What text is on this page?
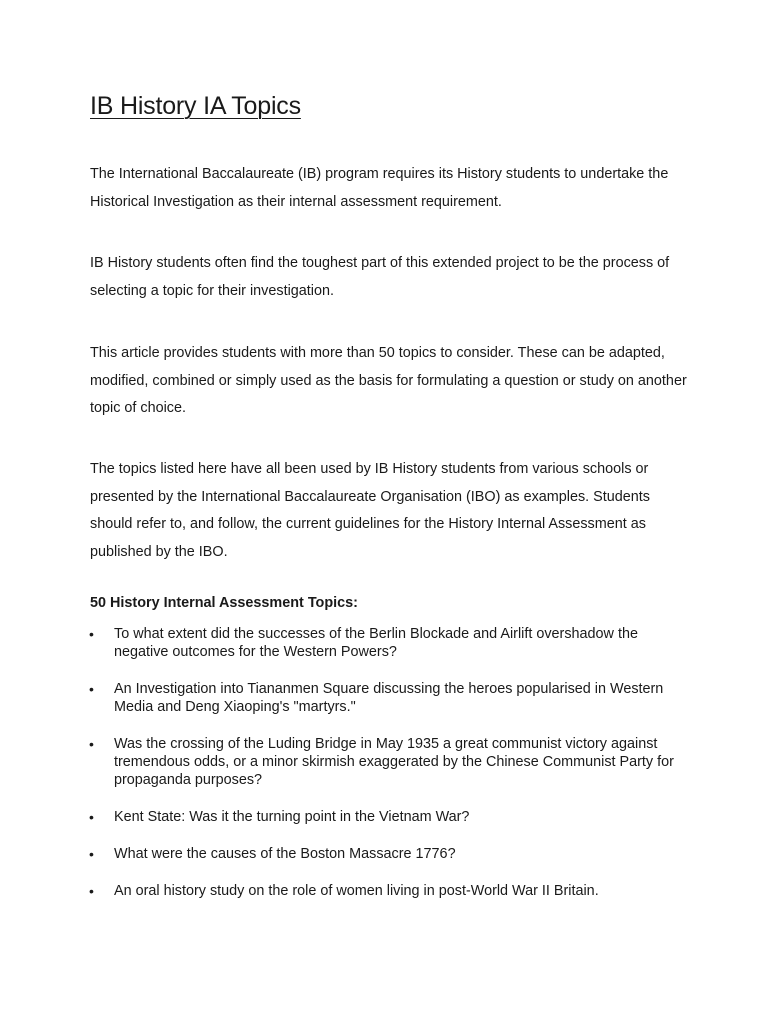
IB History IA Topics

The International Baccalaureate (IB) program requires its History students to undertake the Historical Investigation as their internal assessment requirement.

IB History students often find the toughest part of this extended project to be the process of selecting a topic for their investigation.

This article provides students with more than 50 topics to consider. These can be adapted, modified, combined or simply used as the basis for formulating a question or study on another topic of choice.

The topics listed here have all been used by IB History students from various schools or presented by the International Baccalaureate Organisation (IBO) as examples. Students should refer to, and follow, the current guidelines for the History Internal Assessment as published by the IBO.

50 History Internal Assessment Topics:
• To what extent did the successes of the Berlin Blockade and Airlift overshadow the negative outcomes for the Western Powers?
• An Investigation into Tiananmen Square discussing the heroes popularised in Western Media and Deng Xiaoping's "martyrs."
• Was the crossing of the Luding Bridge in May 1935 a great communist victory against tremendous odds, or a minor skirmish exaggerated by the Chinese Communist Party for propaganda purposes?
• Kent State: Was it the turning point in the Vietnam War?
• What were the causes of the Boston Massacre 1776?
• An oral history study on the role of women living in post-World War II Britain.
